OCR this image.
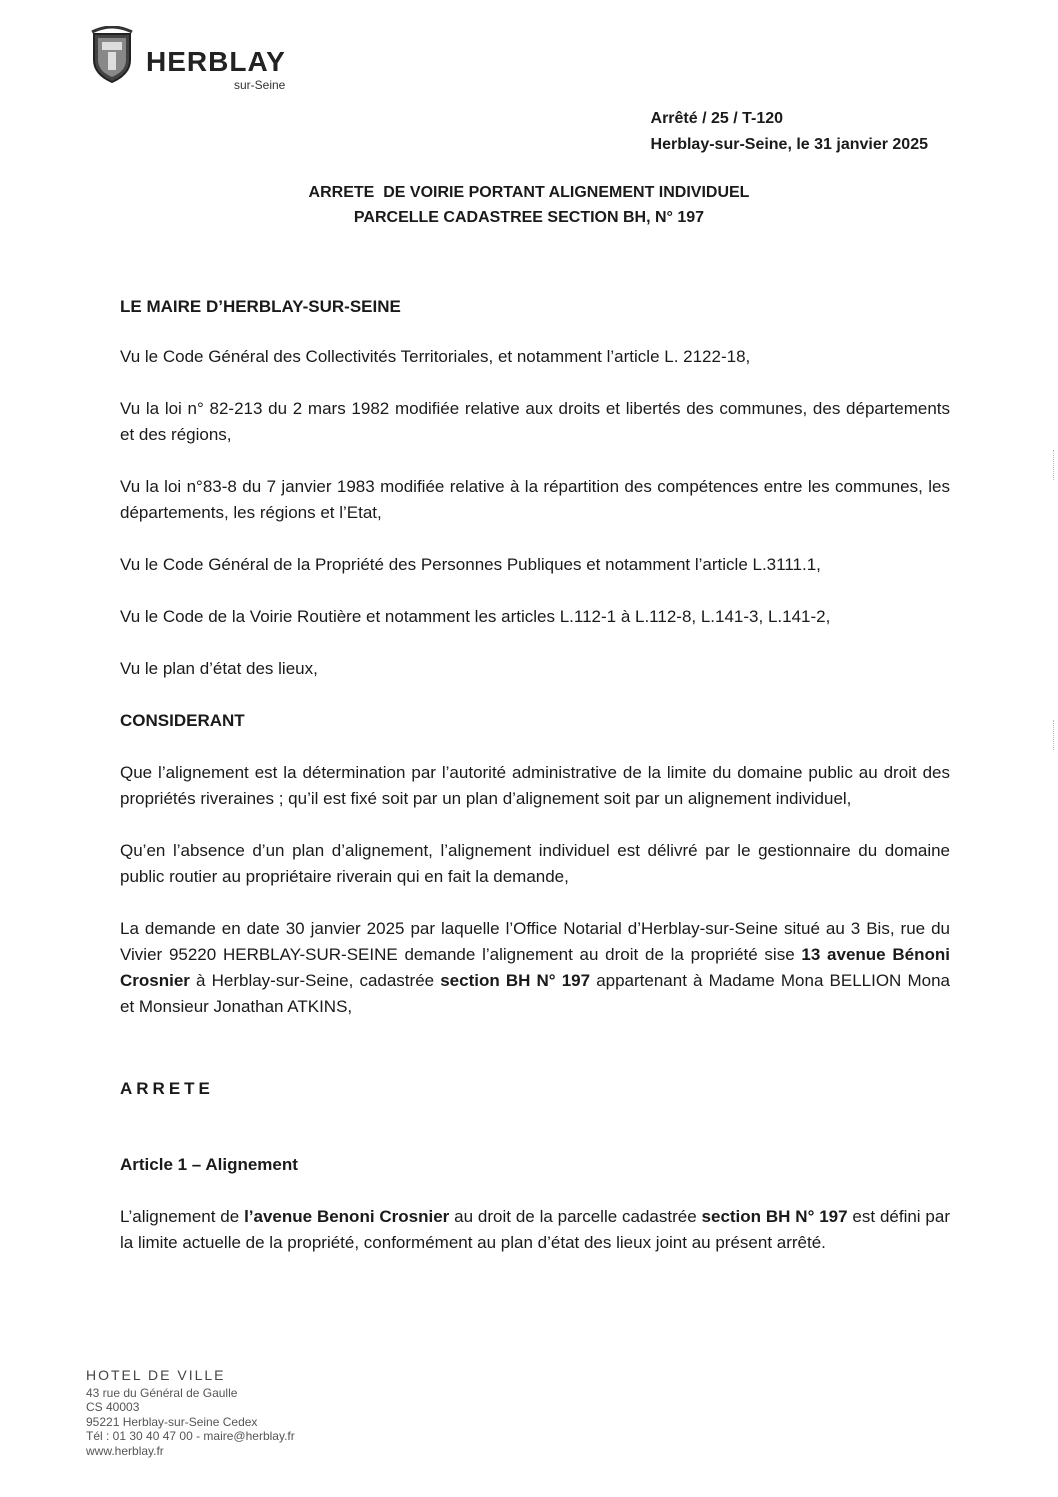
HERBLAY
sur-Seine
Arrêté / 25 / T-120
Herblay-sur-Seine, le 31 janvier 2025
ARRETE  DE VOIRIE PORTANT ALIGNEMENT INDIVIDUEL
PARCELLE CADASTREE SECTION BH, N° 197

LE MAIRE D’HERBLAY-SUR-SEINE

Vu le Code Général des Collectivités Territoriales, et notamment l’article L. 2122-18,

Vu la loi n° 82-213 du 2 mars 1982 modifiée relative aux droits et libertés des communes, des départements et des régions,

Vu la loi n°83-8 du 7 janvier 1983 modifiée relative à la répartition des compétences entre les communes, les départements, les régions et l’Etat,

Vu le Code Général de la Propriété des Personnes Publiques et notamment l’article L.3111.1,

Vu le Code de la Voirie Routière et notamment les articles L.112-1 à L.112-8, L.141-3, L.141-2,

Vu le plan d’état des lieux,

CONSIDERANT

Que l’alignement est la détermination par l’autorité administrative de la limite du domaine public au droit des propriétés riveraines ; qu’il est fixé soit par un plan d’alignement soit par un alignement individuel,

Qu’en l’absence d’un plan d’alignement, l’alignement individuel est délivré par le gestionnaire du domaine public routier au propriétaire riverain qui en fait la demande,

La demande en date 30 janvier 2025 par laquelle l’Office Notarial d’Herblay-sur-Seine situé au 3 Bis, rue du Vivier 95220 HERBLAY-SUR-SEINE demande l’alignement au droit de la propriété sise 13 avenue Bénoni Crosnier à Herblay-sur-Seine, cadastrée section BH N° 197 appartenant à Madame Mona BELLION Mona et Monsieur Jonathan ATKINS,

ARRETE

Article 1 – Alignement

L’alignement de l’avenue Benoni Crosnier au droit de la parcelle cadastrée section BH N° 197 est défini par la limite actuelle de la propriété, conformément au plan d’état des lieux joint au présent arrêté.

HOTEL DE VILLE
43 rue du Général de Gaulle
CS 40003
95221 Herblay-sur-Seine Cedex
Tél : 01 30 40 47 00 - maire@herblay.fr
www.herblay.fr
